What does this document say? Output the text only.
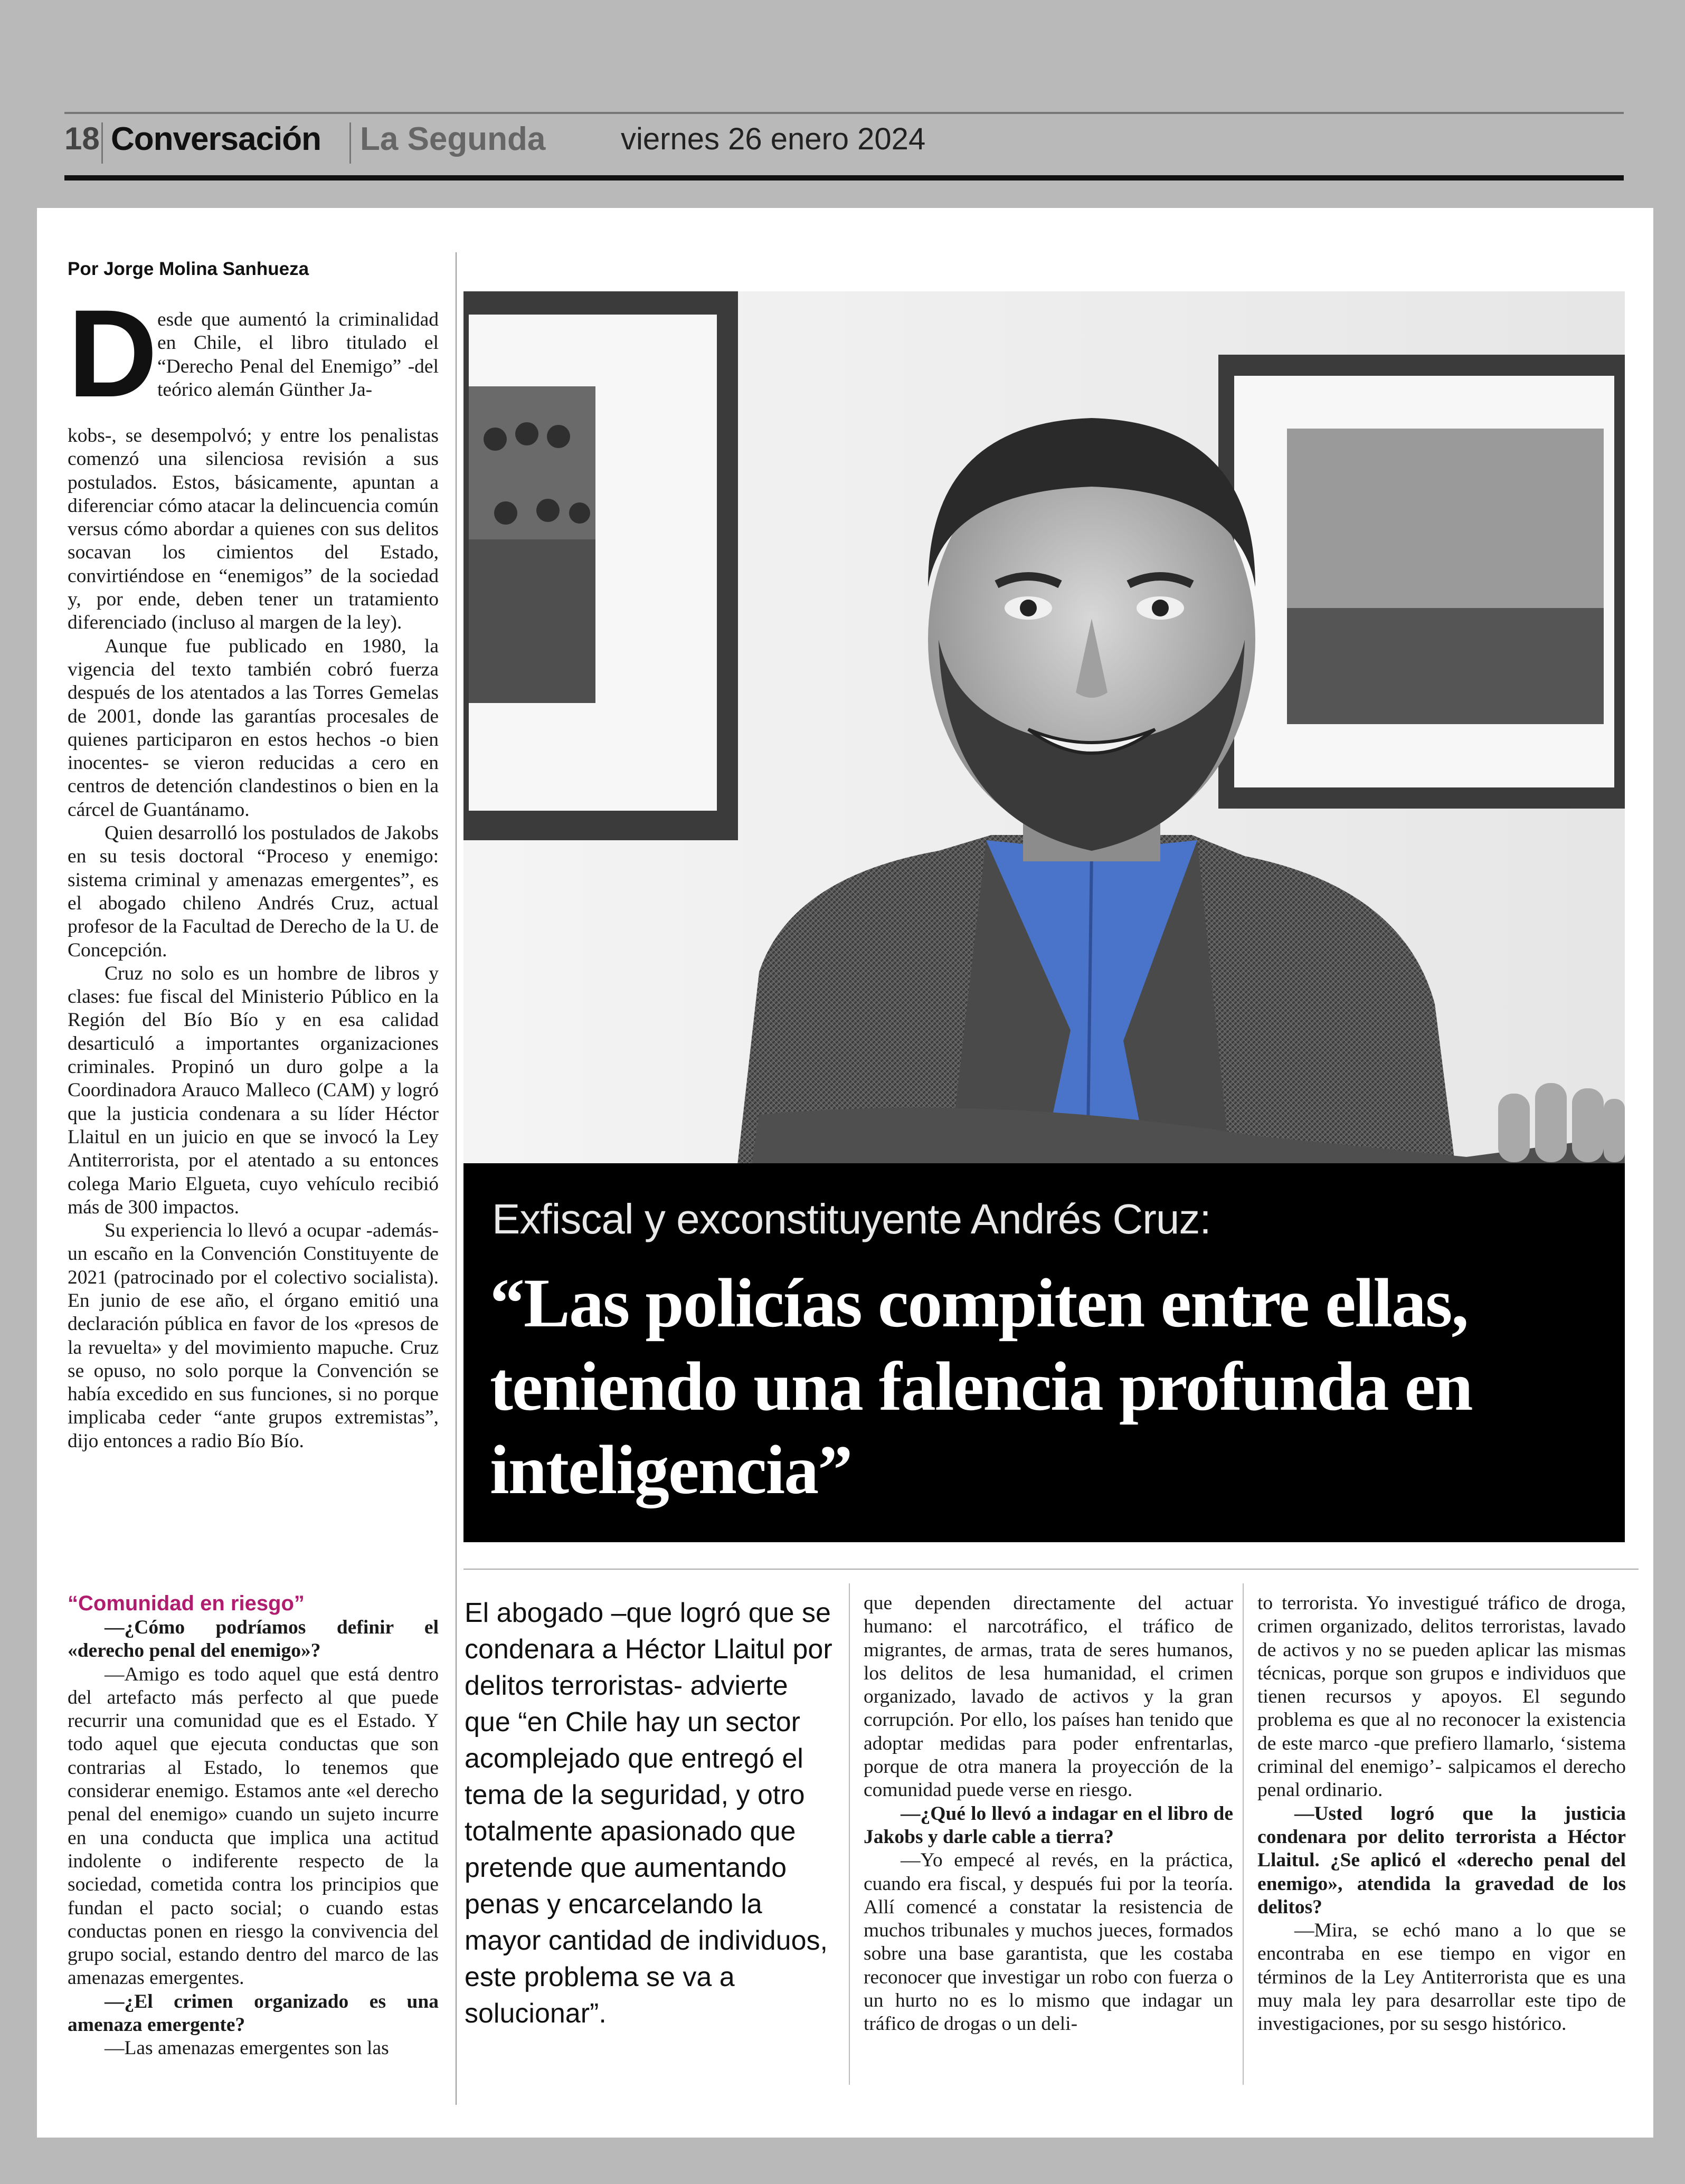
18 Conversación La Segunda viernes 26 enero 2024
Por Jorge Molina Sanhueza
D esde que aumentó la criminalidad en Chile, el libro titulado el “Derecho Penal del Enemigo” -del teórico alemán Günther Ja-

kobs-, se desempolvó; y entre los penalistas comenzó una silenciosa revisión a sus postulados. Estos, básicamente, apuntan a diferenciar cómo atacar la delincuencia común versus cómo abordar a quienes con sus delitos socavan los cimientos del Estado, convirtiéndose en “enemigos” de la sociedad y, por ende, deben tener un tratamiento diferenciado (incluso al margen de la ley).

Aunque fue publicado en 1980, la vigencia del texto también cobró fuerza después de los atentados a las Torres Gemelas de 2001, donde las garantías procesales de quienes participaron en estos hechos -o bien inocentes- se vieron reducidas a cero en centros de detención clandestinos o bien en la cárcel de Guantánamo.

Quien desarrolló los postulados de Jakobs en su tesis doctoral “Proceso y enemigo: sistema criminal y amenazas emergentes”, es el abogado chileno Andrés Cruz, actual profesor de la Facultad de Derecho de la U. de Concepción.

Cruz no solo es un hombre de libros y clases: fue fiscal del Ministerio Público en la Región del Bío Bío y en esa calidad desarticuló a importantes organizaciones criminales. Propinó un duro golpe a la Coordinadora Arauco Malleco (CAM) y logró que la justicia condenara a su líder Héctor Llaitul en un juicio en que se invocó la Ley Antiterrorista, por el atentado a su entonces colega Mario Elgueta, cuyo vehículo recibió más de 300 impactos.

Su experiencia lo llevó a ocupar -además- un escaño en la Convención Constituyente de 2021 (patrocinado por el colectivo socialista). En junio de ese año, el órgano emitió una declaración pública en favor de los «presos de la revuelta» y del movimiento mapuche. Cruz se opuso, no solo porque la Convención se había excedido en sus funciones, si no porque implicaba ceder “ante grupos extremistas”, dijo entonces a radio Bío Bío.

“Comunidad en riesgo”

—¿Cómo podríamos definir el «derecho penal del enemigo»?

—Amigo es todo aquel que está dentro del artefacto más perfecto al que puede recurrir una comunidad que es el Estado. Y todo aquel que ejecuta conductas que son contrarias al Estado, lo tenemos que considerar enemigo. Estamos ante «el derecho penal del enemigo» cuando un sujeto incurre en una conducta que implica una actitud indolente o indiferente respecto de la sociedad, cometida contra los principios que fundan el pacto social; o cuando estas conductas ponen en riesgo la convivencia del grupo social, estando dentro del marco de las amenazas emergentes.

—¿El crimen organizado es una amenaza emergente?

—Las amenazas emergentes son las

Exfiscal y exconstituyente Andrés Cruz:
“Las policías compiten entre ellas, teniendo una falencia profunda en inteligencia”
El abogado –que logró que se condenara a Héctor Llaitul por delitos terroristas- advierte que “en Chile hay un sector acomplejado que entregó el tema de la seguridad, y otro totalmente apasionado que pretende que aumentando penas y encarcelando la mayor cantidad de individuos, este problema se va a solucionar”.

que dependen directamente del actuar humano: el narcotráfico, el tráfico de migrantes, de armas, trata de seres humanos, los delitos de lesa humanidad, el crimen organizado, lavado de activos y la gran corrupción. Por ello, los países han tenido que adoptar medidas para poder enfrentarlas, porque de otra manera la proyección de la comunidad puede verse en riesgo.

—¿Qué lo llevó a indagar en el libro de Jakobs y darle cable a tierra?

—Yo empecé al revés, en la práctica, cuando era fiscal, y después fui por la teoría. Allí comencé a constatar la resistencia de muchos tribunales y muchos jueces, formados sobre una base garantista, que les costaba reconocer que investigar un robo con fuerza o un hurto no es lo mismo que indagar un tráfico de drogas o un deli-

to terrorista. Yo investigué tráfico de droga, crimen organizado, delitos terroristas, lavado de activos y no se pueden aplicar las mismas técnicas, porque son grupos e individuos que tienen recursos y apoyos. El segundo problema es que al no reconocer la existencia de este marco -que prefiero llamarlo, ‘sistema criminal del enemigo’- salpicamos el derecho penal ordinario.

—Usted logró que la justicia condenara por delito terrorista a Héctor Llaitul. ¿Se aplicó el «derecho penal del enemigo», atendida la gravedad de los delitos?

—Mira, se echó mano a lo que se encontraba en ese tiempo en vigor en términos de la Ley Antiterrorista que es una muy mala ley para desarrollar este tipo de investigaciones, por su sesgo histórico.
